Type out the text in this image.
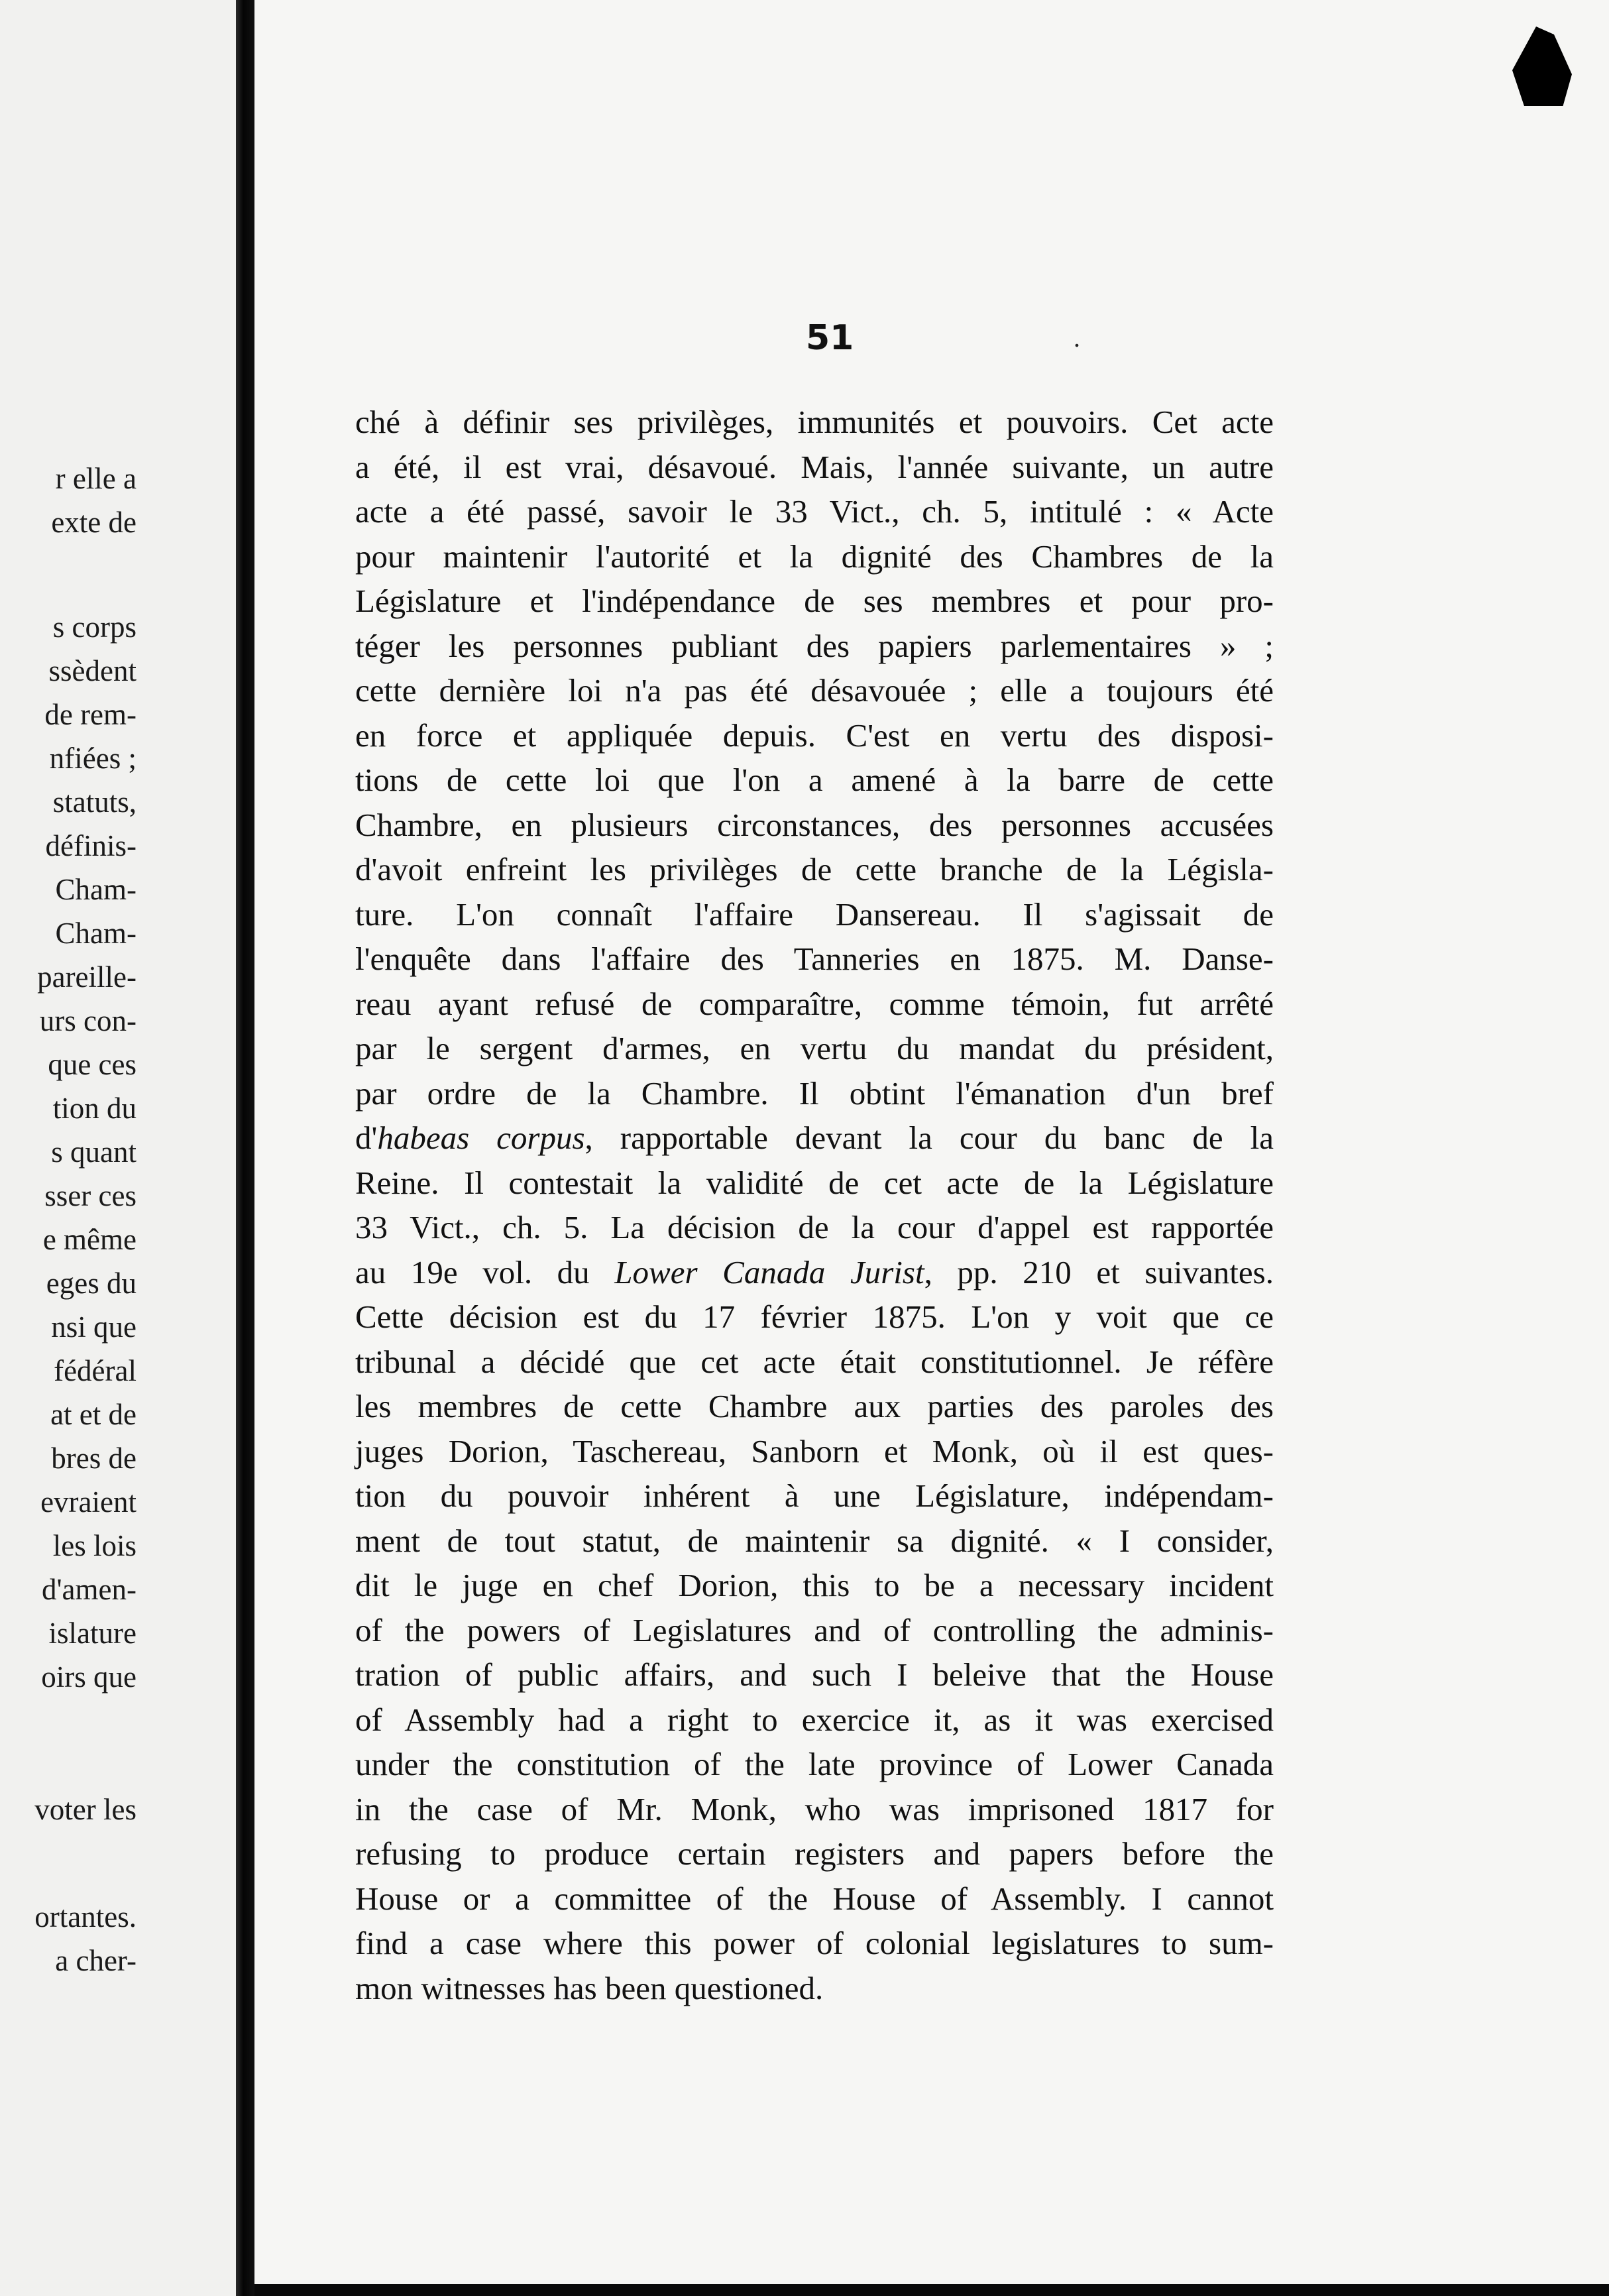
r elle a
exte de
s corps
ssèdent
de rem-
nfiées ;
statuts,
définis-
Cham-
Cham-
pareille-
urs con-
que ces
tion du
s quant
sser ces
e même
eges du
nsi que
fédéral
at et de
bres de
evraient
les lois
d'amen-
islature
oirs que
voter les
ortantes.
a cher-
51	.
ché à définir ses privilèges, immunités et pouvoirs. Cet acte
a été, il est vrai, désavoué. Mais, l'année suivante, un autre
acte a été passé, savoir le 33 Vict., ch. 5, intitulé : « Acte
pour maintenir l'autorité et la dignité des Chambres de la
Législature et l'indépendance de ses membres et pour pro-
téger les personnes publiant des papiers parlementaires » ;
cette dernière loi n'a pas été désavouée ; elle a toujours été
en force et appliquée depuis. C'est en vertu des disposi-
tions de cette loi que l'on a amené à la barre de cette
Chambre, en plusieurs circonstances, des personnes accusées
d'avoit enfreint les privilèges de cette branche de la Législa-
ture. L'on connaît l'affaire Dansereau. Il s'agissait de
l'enquête dans l'affaire des Tanneries en 1875. M. Danse-
reau ayant refusé de comparaître, comme témoin, fut arrêté
par le sergent d'armes, en vertu du mandat du président,
par ordre de la Chambre. Il obtint l'émanation d'un bref
d'habeas corpus, rapportable devant la cour du banc de la
Reine. Il contestait la validité de cet acte de la Législature
33 Vict., ch. 5. La décision de la cour d'appel est rapportée
au 19e vol. du Lower Canada Jurist, pp. 210 et suivantes.
Cette décision est du 17 février 1875. L'on y voit que ce
tribunal a décidé que cet acte était constitutionnel. Je réfère
les membres de cette Chambre aux parties des paroles des
juges Dorion, Taschereau, Sanborn et Monk, où il est ques-
tion du pouvoir inhérent à une Législature, indépendam-
ment de tout statut, de maintenir sa dignité. « I consider,
dit le juge en chef Dorion, this to be a necessary incident
of the powers of Legislatures and of controlling the adminis-
tration of public affairs, and such I beleive that the House
of Assembly had a right to exercice it, as it was exercised
under the constitution of the late province of Lower Canada
in the case of Mr. Monk, who was imprisoned 1817 for
refusing to produce certain registers and papers before the
House or a committee of the House of Assembly. I cannot
find a case where this power of colonial legislatures to sum-
mon witnesses has been questioned.
